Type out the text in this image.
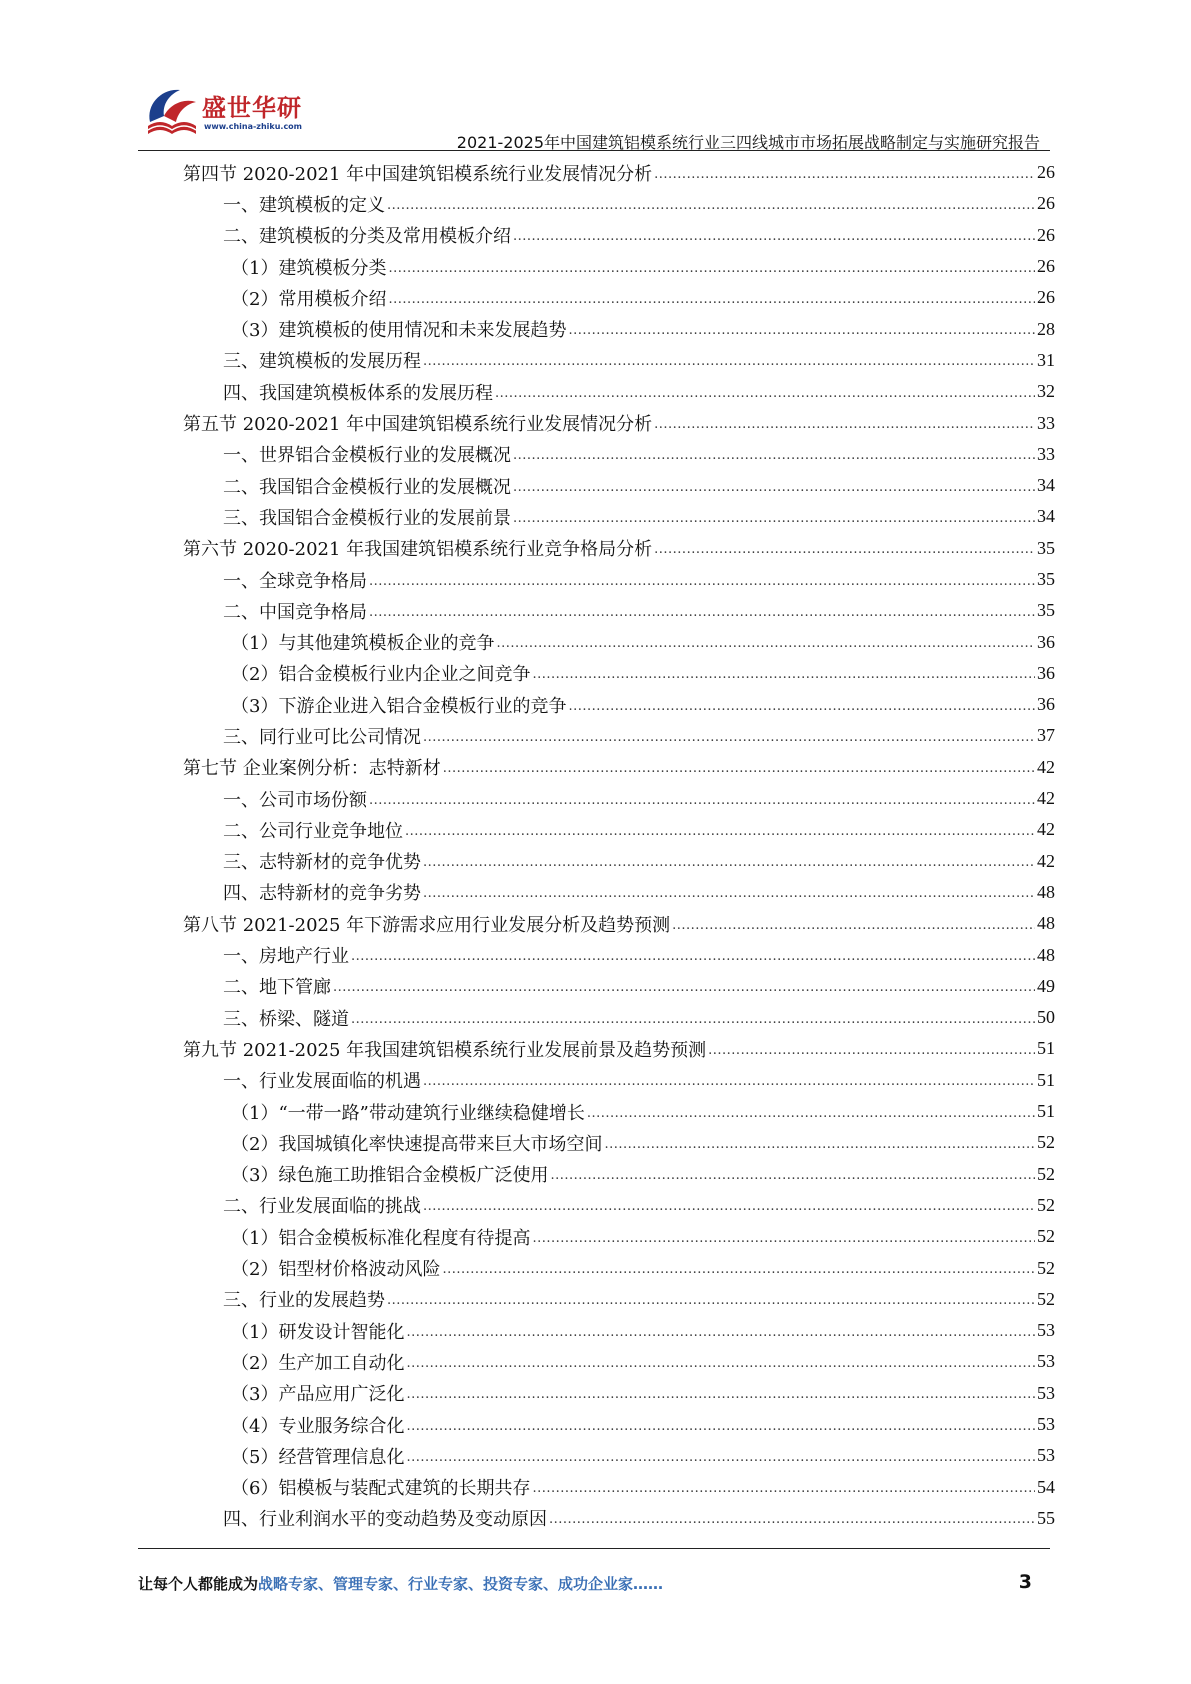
盛世华研
www.china-zhiku.com
2021-2025年中国建筑铝模系统行业三四线城市市场拓展战略制定与实施研究报告
第四节 2020-2021 年中国建筑铝模系统行业发展情况分析 .....	26
一、建筑模板的定义 .....	26
二、建筑模板的分类及常用模板介绍 .....	26
（1）建筑模板分类 .....	26
（2）常用模板介绍 .....	26
（3）建筑模板的使用情况和未来发展趋势 .....	28
三、建筑模板的发展历程 .....	31
四、我国建筑模板体系的发展历程 .....	32
第五节 2020-2021 年中国建筑铝模系统行业发展情况分析 .....	33
一、世界铝合金模板行业的发展概况 .....	33
二、我国铝合金模板行业的发展概况 .....	34
三、我国铝合金模板行业的发展前景 .....	34
第六节 2020-2021 年我国建筑铝模系统行业竞争格局分析 .....	35
一、全球竞争格局 .....	35
二、中国竞争格局 .....	35
（1）与其他建筑模板企业的竞争 .....	36
（2）铝合金模板行业内企业之间竞争 .....	36
（3）下游企业进入铝合金模板行业的竞争 .....	36
三、同行业可比公司情况 .....	37
第七节 企业案例分析：志特新材 .....	42
一、公司市场份额 .....	42
二、公司行业竞争地位 .....	42
三、志特新材的竞争优势 .....	42
四、志特新材的竞争劣势 .....	48
第八节 2021-2025 年下游需求应用行业发展分析及趋势预测 .....	48
一、房地产行业 .....	48
二、地下管廊 .....	49
三、桥梁、隧道 .....	50
第九节 2021-2025 年我国建筑铝模系统行业发展前景及趋势预测 .....	51
一、行业发展面临的机遇 .....	51
（1）“一带一路”带动建筑行业继续稳健增长 .....	51
（2）我国城镇化率快速提高带来巨大市场空间 .....	52
（3）绿色施工助推铝合金模板广泛使用 .....	52
二、行业发展面临的挑战 .....	52
（1）铝合金模板标准化程度有待提高 .....	52
（2）铝型材价格波动风险 .....	52
三、行业的发展趋势 .....	52
（1）研发设计智能化 .....	53
（2）生产加工自动化 .....	53
（3）产品应用广泛化 .....	53
（4）专业服务综合化 .....	53
（5）经营管理信息化 .....	53
（6）铝模板与装配式建筑的长期共存 .....	54
四、行业利润水平的变动趋势及变动原因 .....	55
让每个人都能成为战略专家、管理专家、行业专家、投资专家、成功企业家……	3
